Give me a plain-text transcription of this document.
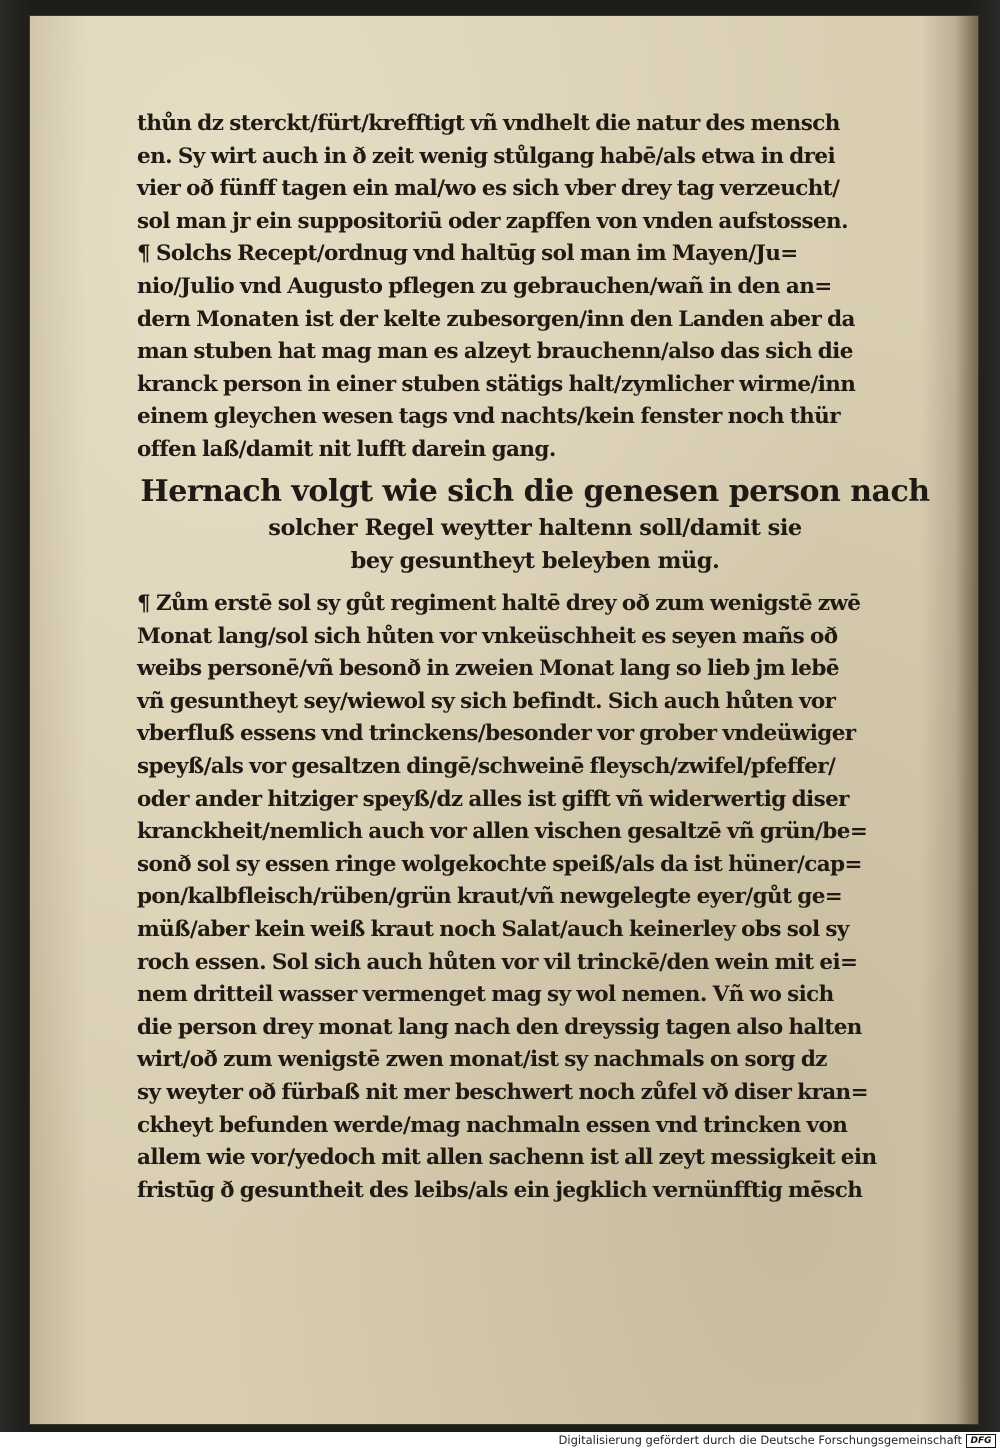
thůn dz sterckt/fürt/krefftigt vñ vndhelt die natur des mensch
en. Sy wirt auch in ð zeit wenig stůlgang habē/als etwa in drei
vier oð fünff tagen ein mal/wo es sich vber drey tag verzeucht/
sol man jr ein suppositoriū oder zapffen von vnden aufstossen.
¶ Solchs Recept/ordnug vnd haltūg sol man im Mayen/Ju=
nio/Julio vnd Augusto pflegen zu gebrauchen/wañ in den an=
dern Monaten ist der kelte zubesorgen/inn den Landen aber da
man stuben hat mag man es alzeyt brauchenn/also das sich die
kranck person in einer stuben stätigs halt/zymlicher wirme/inn
einem gleychen wesen tags vnd nachts/kein fenster noch thür
offen laß/damit nit lufft darein gang.
Hernach volgt wie sich die genesen person nach
solcher Regel weytter haltenn soll/damit sie
bey gesuntheyt beleyben müg.
¶ Zům erstē sol sy gůt regiment haltē drey oð zum wenigstē zwē
Monat lang/sol sich hůten vor vnkeüschheit es seyen mañs oð
weibs personē/vñ besonð in zweien Monat lang so lieb jm lebē
vñ gesuntheyt sey/wiewol sy sich befindt. Sich auch hůten vor
vberfluß essens vnd trinckens/besonder vor grober vndeüwiger
speyß/als vor gesaltzen dingē/schweinē fleysch/zwifel/pfeffer/
oder ander hitziger speyß/dz alles ist gifft vñ widerwertig diser
kranckheit/nemlich auch vor allen vischen gesaltzē vñ grün/be=
sonð sol sy essen ringe wolgekochte speiß/als da ist hüner/cap=
pon/kalbfleisch/rüben/grün kraut/vñ newgelegte eyer/gůt ge=
müß/aber kein weiß kraut noch Salat/auch keinerley obs sol sy
roch essen. Sol sich auch hůten vor vil trinckē/den wein mit ei=
nem dritteil wasser vermenget mag sy wol nemen. Vñ wo sich
die person drey monat lang nach den dreyssig tagen also halten
wirt/oð zum wenigstē zwen monat/ist sy nachmals on sorg dz
sy weyter oð fürbaß nit mer beschwert noch zůfel vð diser kran=
ckheyt befunden werde/mag nachmaln essen vnd trincken von
allem wie vor/yedoch mit allen sachenn ist all zeyt messigkeit ein
fristūg ð gesuntheit des leibs/als ein jegklich vernünfftig mēsch
Digitalisierung gefördert durch die Deutsche Forschungsgemeinschaft DFG
